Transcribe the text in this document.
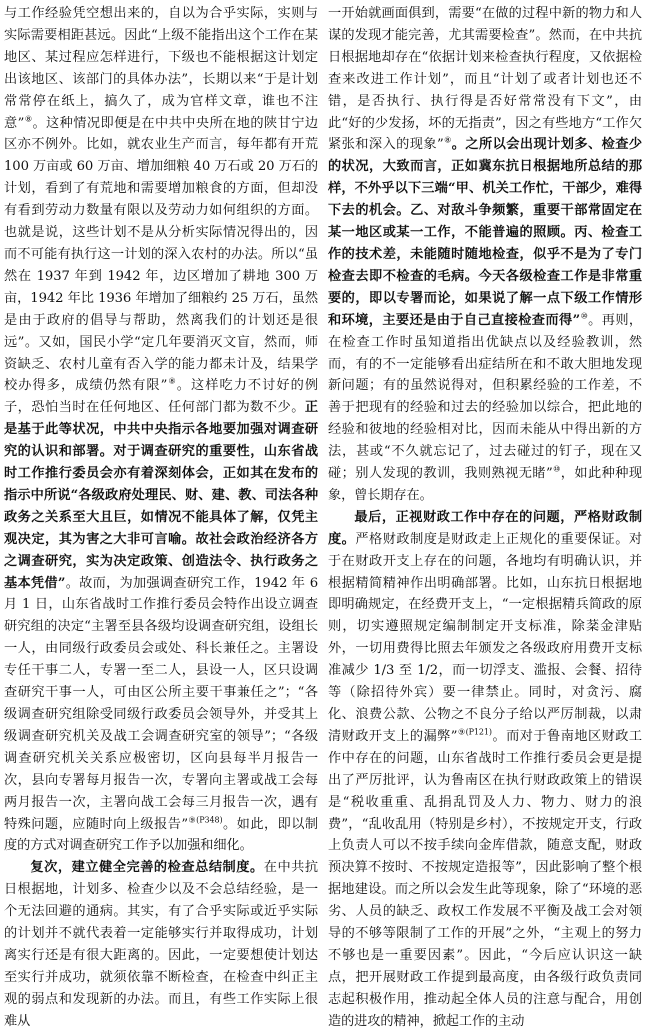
与工作经验凭空想出来的，自以为合乎实际，实则与实际需要相距甚远。因此“上级不能指出这个工作在某地区、某过程应怎样进行，下级也不能根据这计划定出该地区、该部门的具体办法”，长期以来“于是计划常常停在纸上，搞久了，成为官样文章，谁也不注意”⑧。这种情况即便是在中共中央所在地的陕甘宁边区亦不例外。比如，就农业生产而言，每年都有开荒 100 万亩或 60 万亩、增加细粮 40 万石或 20 万石的计划，看到了有荒地和需要增加粮食的方面，但却没有看到劳动力数量有限以及劳动力如何组织的方面。也就是说，这些计划不是从分析实际情况得出的，因而不可能有执行这一计划的深入农村的办法。所以“虽然在 1937 年到 1942 年，边区增加了耕地 300 万亩，1942 年比 1936 年增加了细粮约 25 万石，虽然是由于政府的倡导与帮助，然离我们的计划还是很远”。又如，国民小学“定几年要消灭文盲，然而，师资缺乏、农村儿童有否入学的能力都未计及，结果学校办得多，成绩仍然有限”⑧。这样吃力不讨好的例子，恐怕当时在任何地区、任何部门都为数不少。正是基于此等状况，中共中央指示各地要加强对调查研究的认识和部署。对于调查研究的重要性，山东省战时工作推行委员会亦有着深刻体会，正如其在发布的指示中所说“各级政府处理民、财、建、教、司法各种政务之关系至大且巨，如情况不能具体了解，仅凭主观决定，其为害之大非可言喻。故社会政治经济各方之调查研究，实为决定政策、创造法令、执行政务之基本凭借”。故而，为加强调查研究工作，1942 年 6 月 1 日，山东省战时工作推行委员会特作出设立调查研究组的决定“主署至县各级均设调查研究组，设组长一人，由同级行政委员会或处、科长兼任之。主署设专任干事二人，专署一至二人，县设一人，区只设调查研究干事一人，可由区公所主要干事兼任之”；“各级调查研究组除受同级行政委员会领导外，并受其上级调查研究机关及战工会调查研究室的领导”；“各级调查研究机关关系应极密切，区向县每半月报告一次，县向专署每月报告一次，专署向主署或战工会每两月报告一次，主署向战工会每三月报告一次，遇有特殊问题，应随时向上级报告”$^{⑨(P348)}$。如此，即以制度的方式对调查研究工作予以加强和细化。

复次，建立健全完善的检查总结制度。在中共抗日根据地，计划多、检查少以及不会总结经验，是一个无法回避的通病。其实，有了合乎实际或近乎实际的计划并不就代表着一定能够实行并取得成功，计划离实行还是有很大距离的。因此，一定要想使计划达至实行并成功，就须依靠不断检查，在检查中纠正主观的弱点和发现新的办法。而且，有些工作实际上很难从

一开始就画面俱到，需要“在做的过程中新的物力和人谋的发现才能完善，尤其需要检查”。然而，在中共抗日根据地却存在“依据计划来检查执行程度，又依据检查来改进工作计划”，而且“计划了或者计划也还不错，是否执行、执行得是否好常常没有下文”，由此“好的少发扬，坏的无指责”，因之有些地方“工作欠紧张和深入的现象”⑧。之所以会出现计划多、检查少的状况，大致而言，正如冀东抗日根据地所总结的那样，不外乎以下三端“甲、机关工作忙，干部少，难得下去的机会。乙、对敌斗争频繁，重要干部常固定在某一地区或某一工作，不能普遍的照顾。丙、检查工作的技术差，未能随时随地检查，似乎不是为了专门检查去即不检查的毛病。今天各级检查工作是非常重要的，即以专署而论，如果说了解一点下级工作情形和环境，主要还是由于自己直接检查而得”⑩。再则，在检查工作时虽知道指出优缺点以及经验教训，然而，有的不一定能够看出症结所在和不敢大胆地发现新问题；有的虽然说得对，但积累经验的工作差，不善于把现有的经验和过去的经验加以综合，把此地的经验和彼地的经验相对比，因而未能从中得出新的方法，甚或“不久就忘记了，过去碰过的钉子，现在又碰；别人发现的教训，我则熟视无睹”⑩，如此种种现象，曾长期存在。

最后，正视财政工作中存在的问题，严格财政制度。严格财政制度是财政走上正规化的重要保证。对于在财政开支上存在的问题，各地均有明确认识，并根据精简精神作出明确部署。比如，山东抗日根据地即明确规定，在经费开支上，“一定根据精兵简政的原则，切实遵照规定编制制定开支标准，除棻金津贴外，一切用费得比照去年颁发之各级政府用费开支标准减少 1/3 至 1/2，而一切浮支、滥报、会餐、招待等（除招待外宾）要一律禁止。同时，对贪污、腐化、浪费公款、公物之不良分子给以严厉制裁，以肃清财政开支上的漏弊”$^{⑨(P121)}$。而对于鲁南地区财政工作中存在的问题，山东省战时工作推行委员会更是提出了严厉批评，认为鲁南区在执行财政政策上的错误是“税收重重、乱捐乱罚及人力、物力、财力的浪费”，“乱收乱用（特别是乡村），不按规定开支，行政上负责人可以不按手续向金库借款，随意支配，财政预决算不按时、不按规定造报等”，因此影响了整个根据地建设。而之所以会发生此等现象，除了“环境的恶劣、人员的缺乏、政权工作发展不平衡及战工会对领导的不够等限制了工作的开展”之外，“主观上的努力不够也是一重要因素”。因此，“今后应认识这一缺点，把开展财政工作提到最高度，由各级行政负责同志起积极作用，推动起全体人员的注意与配合，用创造的进攻的精神，掀起工作的主动
